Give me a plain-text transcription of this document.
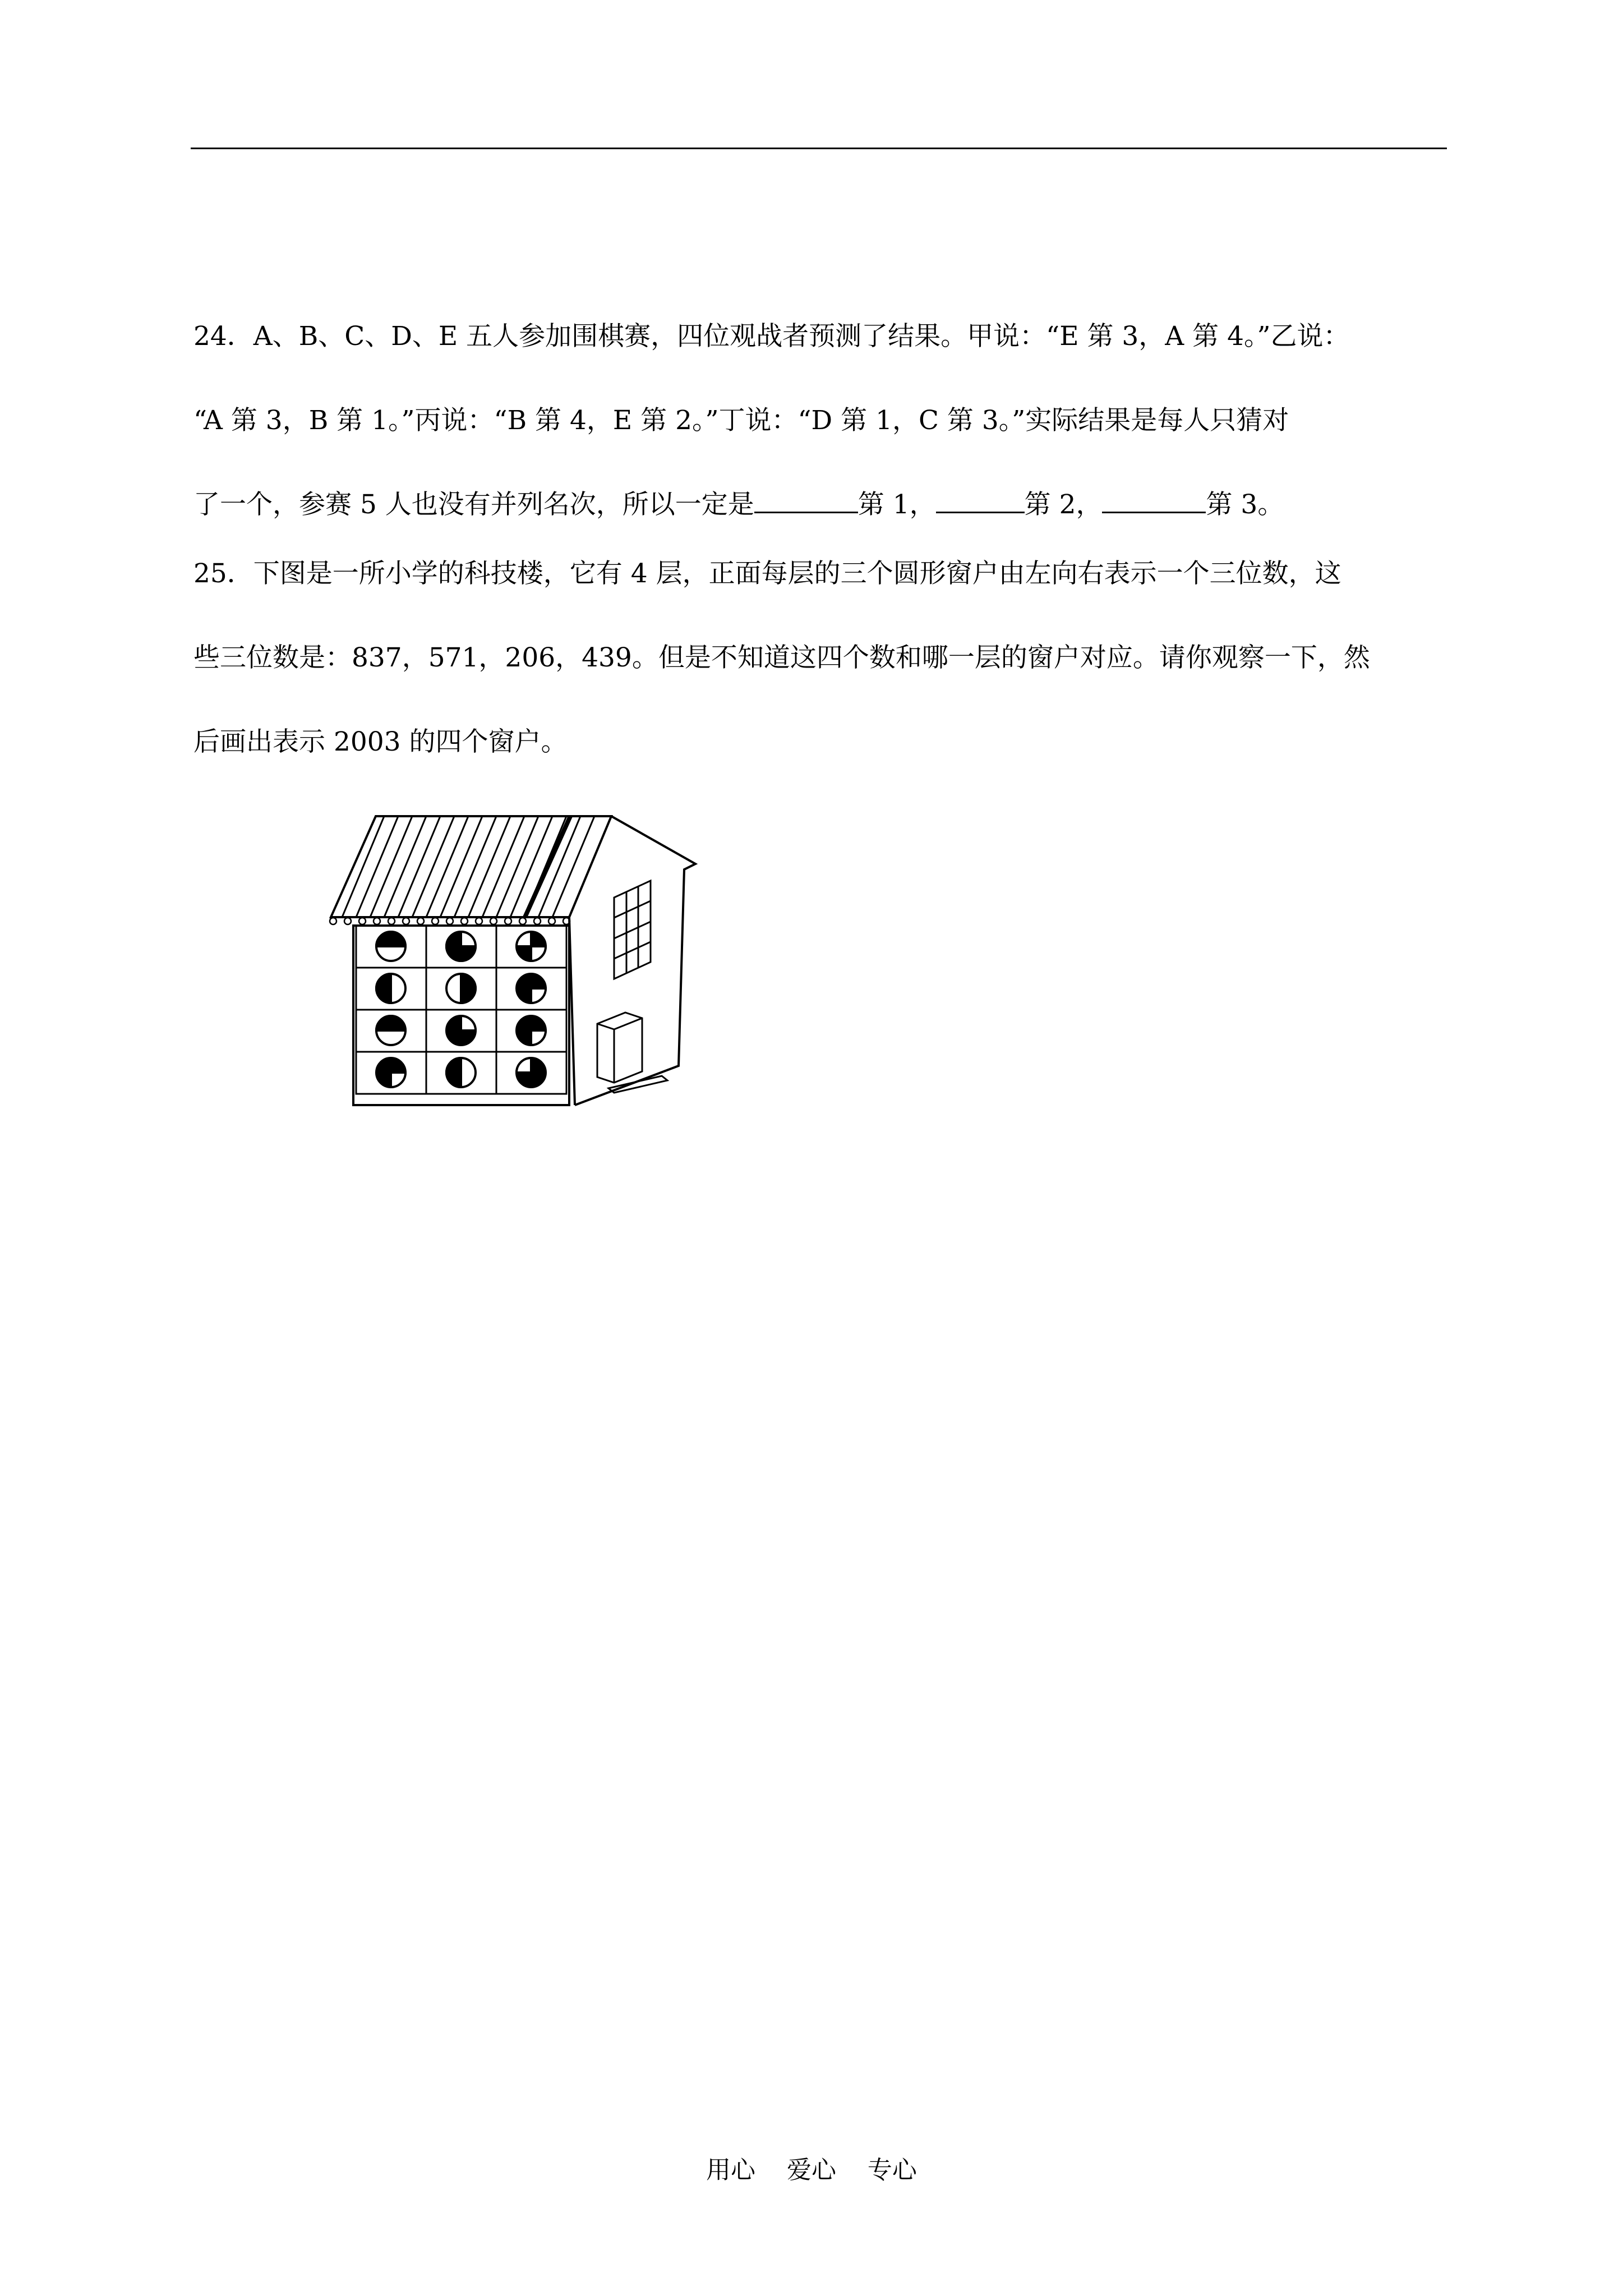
24．A、B、C、D、E 五人参加围棋赛，四位观战者预测了结果。甲说：“E 第 3，A 第 4。”乙说：
“A 第 3，B 第 1。”丙说：“B 第 4，E 第 2。”丁说：“D 第 1，C 第 3。”实际结果是每人只猜对
了一个，参赛 5 人也没有并列名次，所以一定是	第 1，	第 2，	第 3。
25．下图是一所小学的科技楼，它有 4 层，正面每层的三个圆形窗户由左向右表示一个三位数，这
些三位数是：837，571，206，439。但是不知道这四个数和哪一层的窗户对应。请你观察一下，然
后画出表示 2003 的四个窗户。
用心    爱心    专心
